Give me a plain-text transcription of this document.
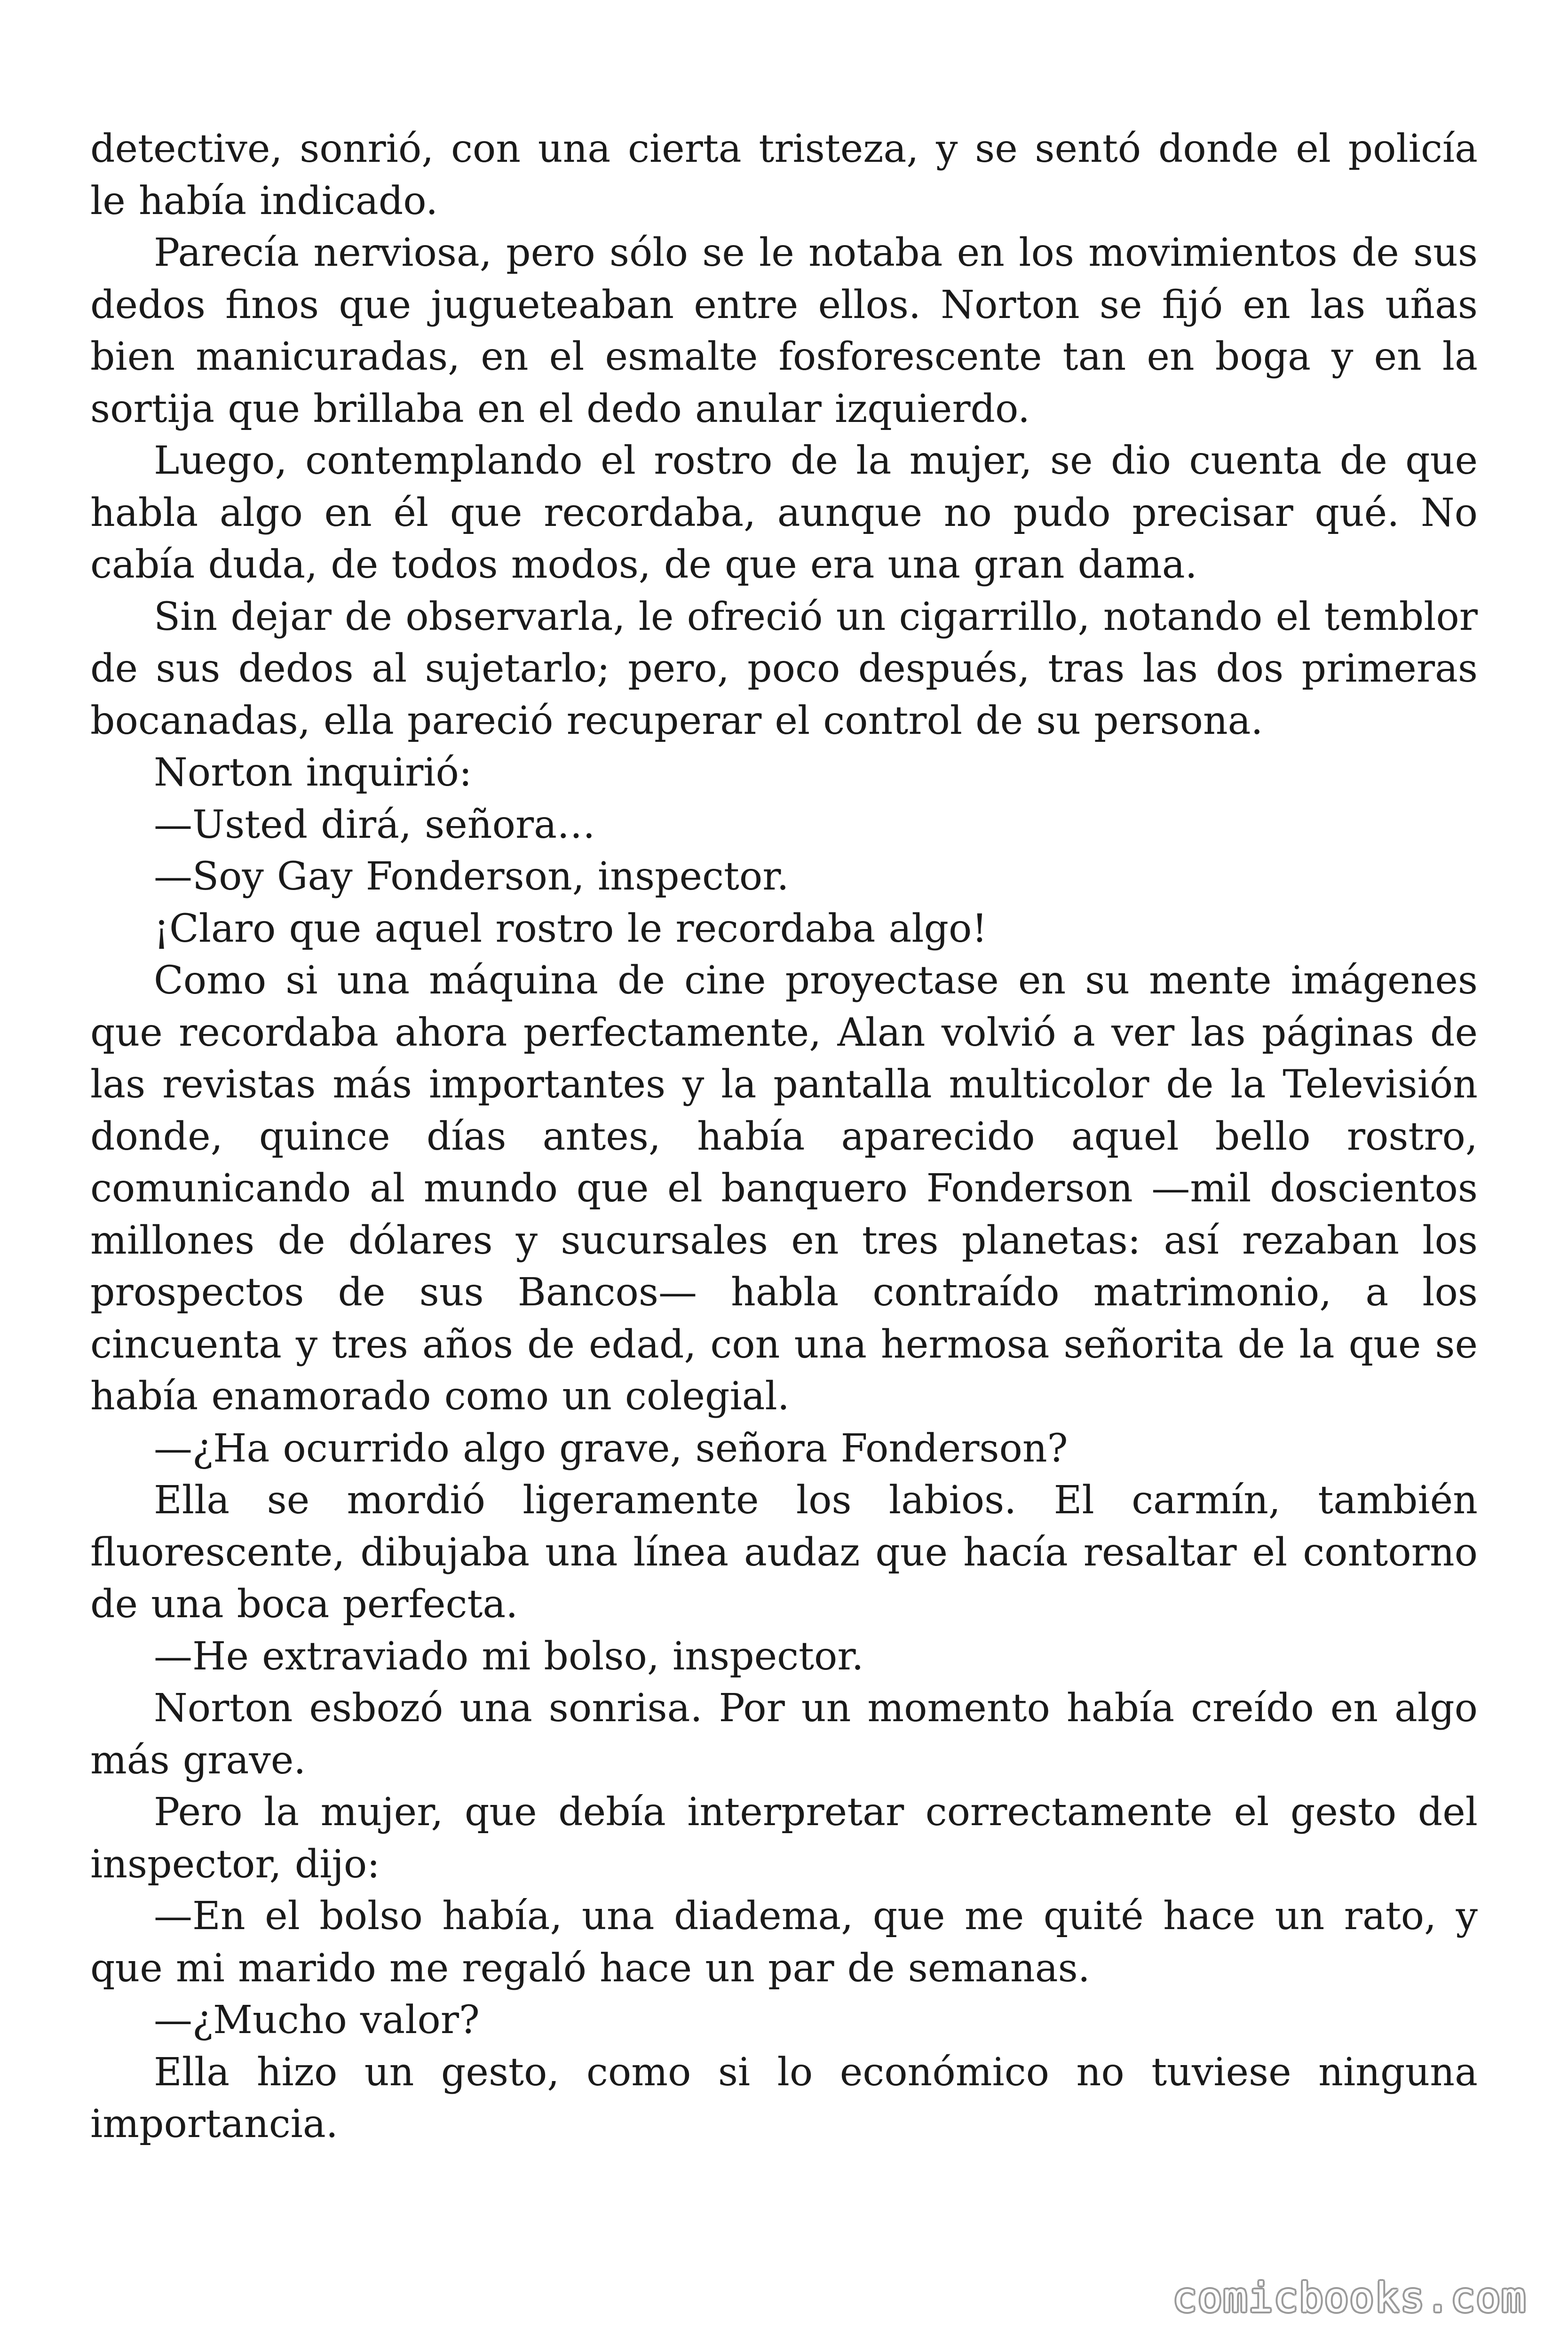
detective, sonrió, con una cierta tristeza, y se sentó donde el policía le había indicado.

Parecía nerviosa, pero sólo se le notaba en los movimientos de sus dedos finos que jugueteaban entre ellos. Norton se fijó en las uñas bien manicuradas, en el esmalte fosforescente tan en boga y en la sortija que brillaba en el dedo anular izquierdo.

Luego, contemplando el rostro de la mujer, se dio cuenta de que habla algo en él que recordaba, aunque no pudo precisar qué. No cabía duda, de todos modos, de que era una gran dama.

Sin dejar de observarla, le ofreció un cigarrillo, notando el temblor de sus dedos al sujetarlo; pero, poco después, tras las dos primeras bocanadas, ella pareció recuperar el control de su persona.

Norton inquirió:

—Usted dirá, señora…

—Soy Gay Fonderson, inspector.

¡Claro que aquel rostro le recordaba algo!

Como si una máquina de cine proyectase en su mente imágenes que recordaba ahora perfectamente, Alan volvió a ver las páginas de las revistas más importantes y la pantalla multicolor de la Televisión donde, quince días antes, había aparecido aquel bello rostro, comunicando al mundo que el banquero Fonderson —mil doscientos millones de dólares y sucursales en tres planetas: así rezaban los prospectos de sus Bancos— habla contraído matrimonio, a los cincuenta y tres años de edad, con una hermosa señorita de la que se había enamorado como un colegial.

—¿Ha ocurrido algo grave, señora Fonderson?

Ella se mordió ligeramente los labios. El carmín, también fluorescente, dibujaba una línea audaz que hacía resaltar el contorno de una boca perfecta.

—He extraviado mi bolso, inspector.

Norton esbozó una sonrisa. Por un momento había creído en algo más grave.

Pero la mujer, que debía interpretar correctamente el gesto del inspector, dijo:

—En el bolso había, una diadema, que me quité hace un rato, y que mi marido me regaló hace un par de semanas.

—¿Mucho valor?

Ella hizo un gesto, como si lo económico no tuviese ninguna importancia.

comicbooks.com
